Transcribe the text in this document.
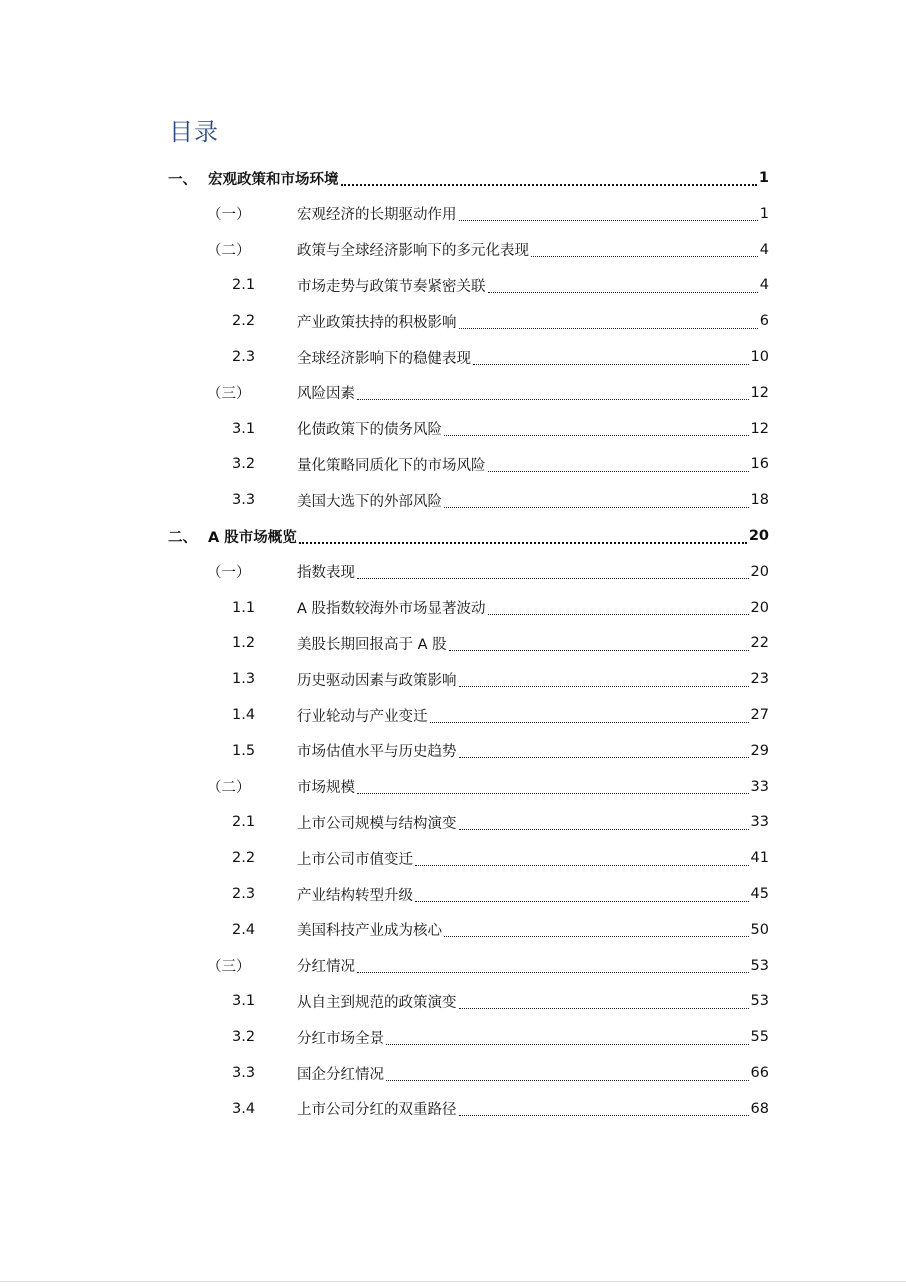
目录
一、 宏观政策和市场环境	1
（一）	宏观经济的长期驱动作用	1
（二）	政策与全球经济影响下的多元化表现	4
2.1	市场走势与政策节奏紧密关联	4
2.2	产业政策扶持的积极影响	6
2.3	全球经济影响下的稳健表现	10
（三）	风险因素	12
3.1	化债政策下的债务风险	12
3.2	量化策略同质化下的市场风险	16
3.3	美国大选下的外部风险	18
二、 A 股市场概览	20
（一）	指数表现	20
1.1	A 股指数较海外市场显著波动	20
1.2	美股长期回报高于 A 股	22
1.3	历史驱动因素与政策影响	23
1.4	行业轮动与产业变迁	27
1.5	市场估值水平与历史趋势	29
（二）	市场规模	33
2.1	上市公司规模与结构演变	33
2.2	上市公司市值变迁	41
2.3	产业结构转型升级	45
2.4	美国科技产业成为核心	50
（三）	分红情况	53
3.1	从自主到规范的政策演变	53
3.2	分红市场全景	55
3.3	国企分红情况	66
3.4	上市公司分红的双重路径	68
